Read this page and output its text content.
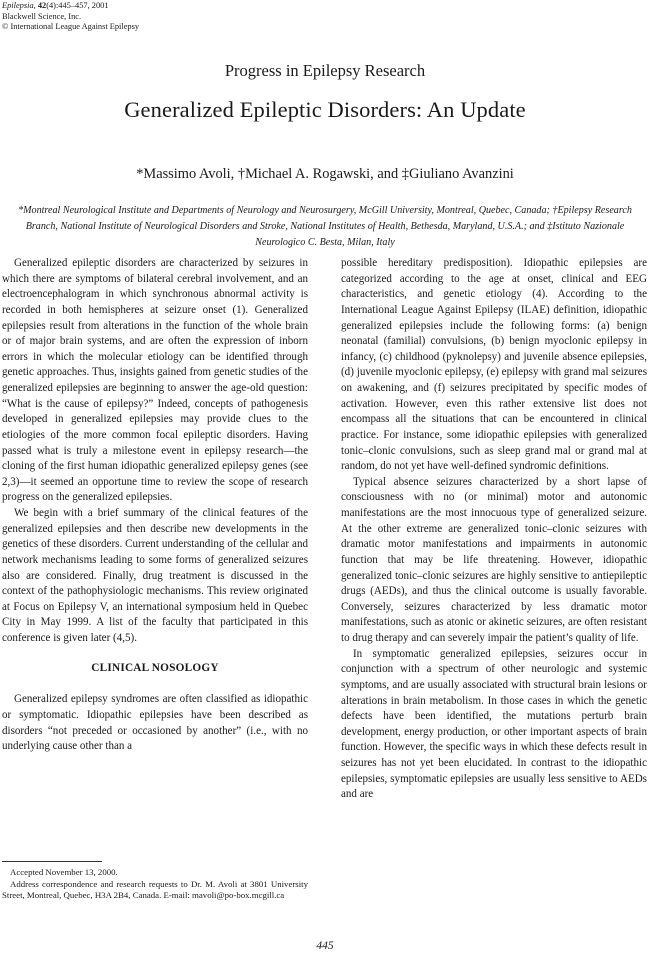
Epilepsia, 42(4):445–457, 2001
Blackwell Science, Inc.
© International League Against Epilepsy
Progress in Epilepsy Research
Generalized Epileptic Disorders: An Update
*Massimo Avoli, †Michael A. Rogawski, and ‡Giuliano Avanzini
*Montreal Neurological Institute and Departments of Neurology and Neurosurgery, McGill University, Montreal, Quebec, Canada; †Epilepsy Research Branch, National Institute of Neurological Disorders and Stroke, National Institutes of Health, Bethesda, Maryland, U.S.A.; and ‡Istituto Nazionale Neurologico C. Besta, Milan, Italy

Generalized epileptic disorders are characterized by seizures in which there are symptoms of bilateral cerebral involvement, and an electroencephalogram in which synchronous abnormal activity is recorded in both hemispheres at seizure onset (1). Generalized epilepsies result from alterations in the function of the whole brain or of major brain systems, and are often the expression of inborn errors in which the molecular etiology can be identified through genetic approaches. Thus, insights gained from genetic studies of the generalized epilepsies are beginning to answer the age-old question: “What is the cause of epilepsy?” Indeed, concepts of pathogenesis developed in generalized epilepsies may provide clues to the etiologies of the more common focal epileptic disorders. Having passed what is truly a milestone event in epilepsy research—the cloning of the first human idiopathic generalized epilepsy genes (see 2,3)—it seemed an opportune time to review the scope of research progress on the generalized epilepsies.

We begin with a brief summary of the clinical features of the generalized epilepsies and then describe new developments in the genetics of these disorders. Current understanding of the cellular and network mechanisms leading to some forms of generalized seizures also are considered. Finally, drug treatment is discussed in the context of the pathophysiologic mechanisms. This review originated at Focus on Epilepsy V, an international symposium held in Quebec City in May 1999. A list of the faculty that participated in this conference is given later (4,5).

CLINICAL NOSOLOGY

Generalized epilepsy syndromes are often classified as idiopathic or symptomatic. Idiopathic epilepsies have been described as disorders “not preceded or occasioned by another” (i.e., with no underlying cause other than a

possible hereditary predisposition). Idiopathic epilepsies are categorized according to the age at onset, clinical and EEG characteristics, and genetic etiology (4). According to the International League Against Epilepsy (ILAE) definition, idiopathic generalized epilepsies include the following forms: (a) benign neonatal (familial) convulsions, (b) benign myoclonic epilepsy in infancy, (c) childhood (pyknolepsy) and juvenile absence epilepsies, (d) juvenile myoclonic epilepsy, (e) epilepsy with grand mal seizures on awakening, and (f) seizures precipitated by specific modes of activation. However, even this rather extensive list does not encompass all the situations that can be encountered in clinical practice. For instance, some idiopathic epilepsies with generalized tonic–clonic convulsions, such as sleep grand mal or grand mal at random, do not yet have well-defined syndromic definitions.

Typical absence seizures characterized by a short lapse of consciousness with no (or minimal) motor and autonomic manifestations are the most innocuous type of generalized seizure. At the other extreme are generalized tonic–clonic seizures with dramatic motor manifestations and impairments in autonomic function that may be life threatening. However, idiopathic generalized tonic–clonic seizures are highly sensitive to antiepileptic drugs (AEDs), and thus the clinical outcome is usually favorable. Conversely, seizures characterized by less dramatic motor manifestations, such as atonic or akinetic seizures, are often resistant to drug therapy and can severely impair the patient’s quality of life.

In symptomatic generalized epilepsies, seizures occur in conjunction with a spectrum of other neurologic and systemic symptoms, and are usually associated with structural brain lesions or alterations in brain metabolism. In those cases in which the genetic defects have been identified, the mutations perturb brain development, energy production, or other important aspects of brain function. However, the specific ways in which these defects result in seizures has not yet been elucidated. In contrast to the idiopathic epilepsies, symptomatic epilepsies are usually less sensitive to AEDs and are

Accepted November 13, 2000.

Address correspondence and research requests to Dr. M. Avoli at 3801 University Street, Montreal, Quebec, H3A 2B4, Canada. E-mail: mavoli@po-box.mcgill.ca

445
